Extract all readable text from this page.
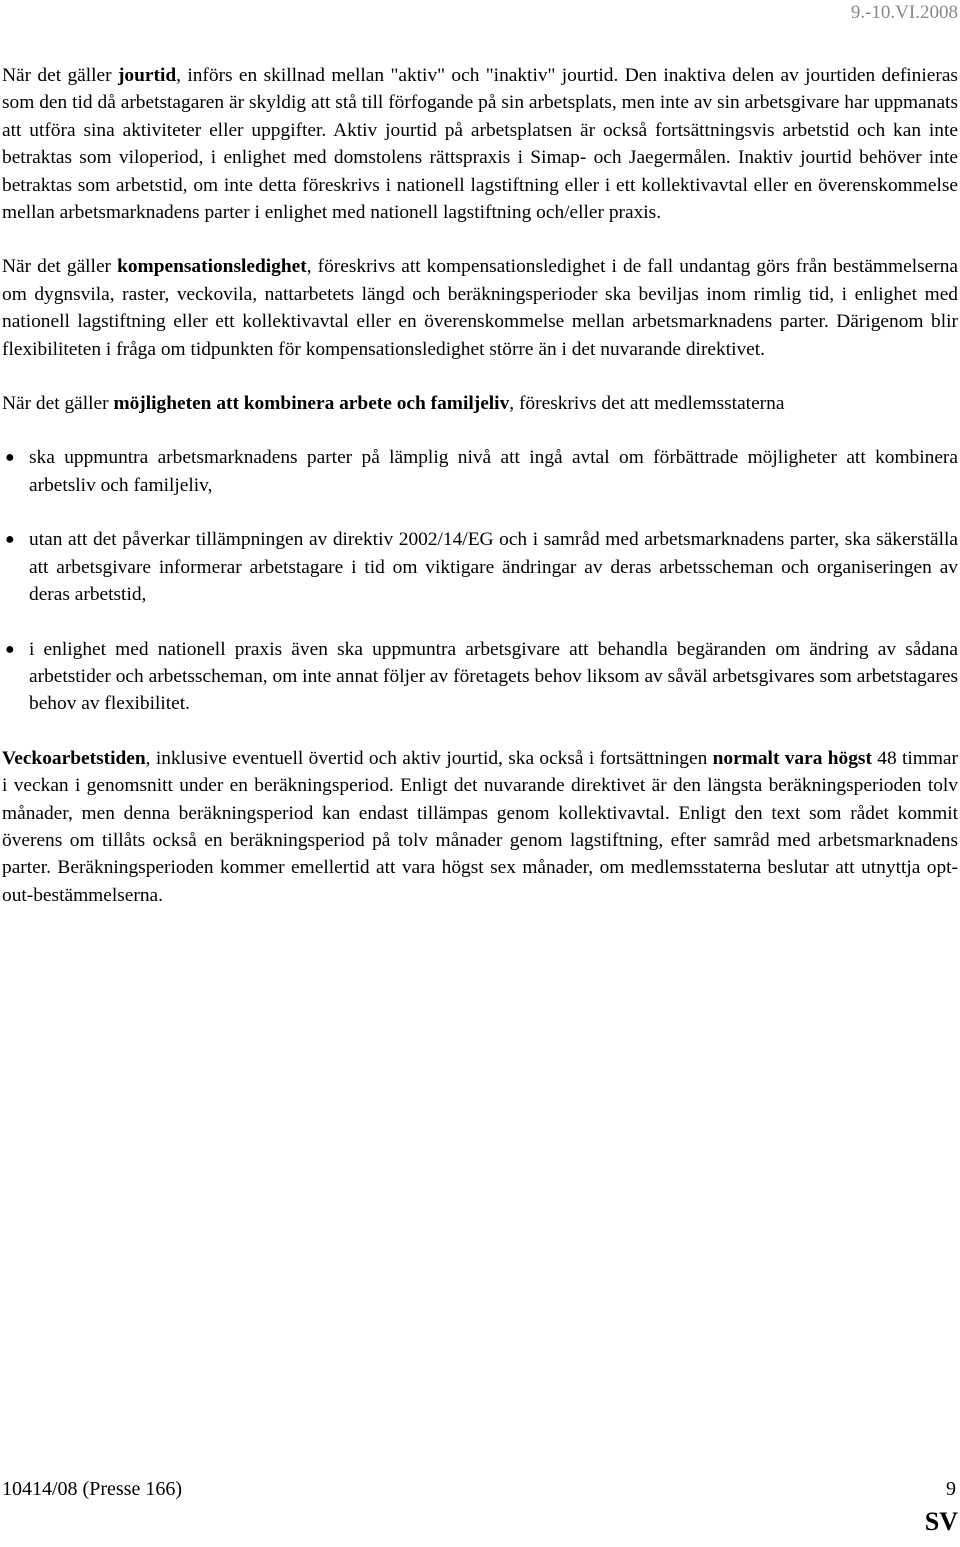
9.-10.VI.2008

När det gäller jourtid, införs en skillnad mellan "aktiv" och "inaktiv" jourtid. Den inaktiva delen av jourtiden definieras som den tid då arbetstagaren är skyldig att stå till förfogande på sin arbetsplats, men inte av sin arbetsgivare har uppmanats att utföra sina aktiviteter eller uppgifter. Aktiv jourtid på arbetsplatsen är också fortsättningsvis arbetstid och kan inte betraktas som viloperiod, i enlighet med domstolens rättspraxis i Simap- och Jaegermålen. Inaktiv jourtid behöver inte betraktas som arbetstid, om inte detta föreskrivs i nationell lagstiftning eller i ett kollektivavtal eller en överenskommelse mellan arbetsmarknadens parter i enlighet med nationell lagstiftning och/eller praxis.

När det gäller kompensationsledighet, föreskrivs att kompensationsledighet i de fall undantag görs från bestämmelserna om dygnsvila, raster, veckovila, nattarbetets längd och beräkningsperioder ska beviljas inom rimlig tid, i enlighet med nationell lagstiftning eller ett kollektivavtal eller en överenskommelse mellan arbetsmarknadens parter. Därigenom blir flexibiliteten i fråga om tidpunkten för kompensationsledighet större än i det nuvarande direktivet.

När det gäller möjligheten att kombinera arbete och familjeliv, föreskrivs det att medlemsstaterna

● ska uppmuntra arbetsmarknadens parter på lämplig nivå att ingå avtal om förbättrade möjligheter att kombinera arbetsliv och familjeliv,
● utan att det påverkar tillämpningen av direktiv 2002/14/EG och i samråd med arbetsmarknadens parter, ska säkerställa att arbetsgivare informerar arbetstagare i tid om viktigare ändringar av deras arbetsscheman och organiseringen av deras arbetstid,
● i enlighet med nationell praxis även ska uppmuntra arbetsgivare att behandla begäranden om ändring av sådana arbetstider och arbetsscheman, om inte annat följer av företagets behov liksom av såväl arbetsgivares som arbetstagares behov av flexibilitet.

Veckoarbetstiden, inklusive eventuell övertid och aktiv jourtid, ska också i fortsättningen normalt vara högst 48 timmar i veckan i genomsnitt under en beräkningsperiod. Enligt det nuvarande direktivet är den längsta beräkningsperioden tolv månader, men denna beräkningsperiod kan endast tillämpas genom kollektivavtal. Enligt den text som rådet kommit överens om tillåts också en beräkningsperiod på tolv månader genom lagstiftning, efter samråd med arbetsmarknadens parter. Beräkningsperioden kommer emellertid att vara högst sex månader, om medlemsstaterna beslutar att utnyttja opt-out-bestämmelserna.

10414/08 (Presse 166)	9
SV
